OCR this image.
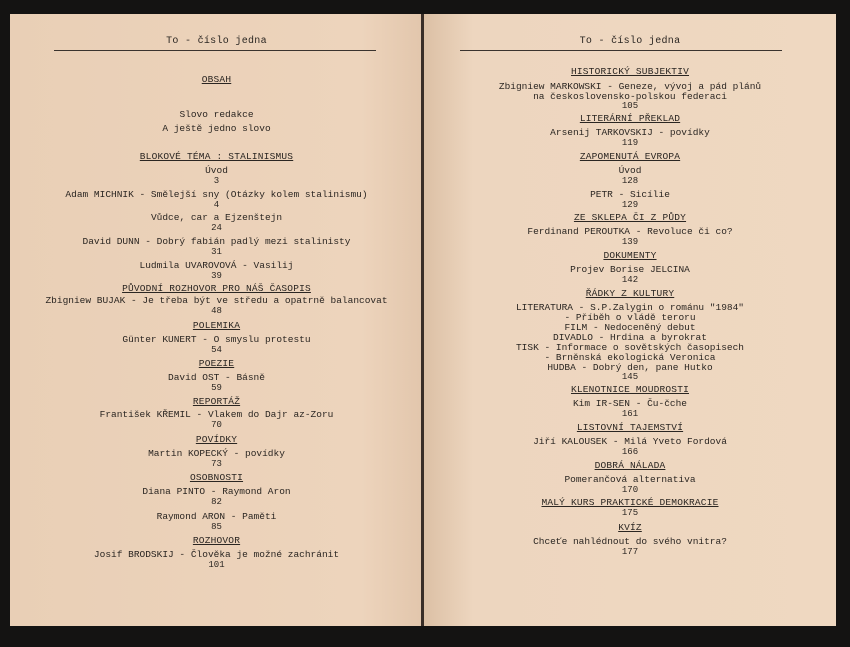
To - číslo jedna
OBSAH
Slovo redakce
A ještě jedno slovo
BLOKOVÉ TÉMA : STALINISMUS
Úvod
3
Adam MICHNIK - Smělejší sny (Otázky kolem stalinismu)
4
Vůdce, car a Ejzenštejn
24
David DUNN - Dobrý fabián padlý mezi stalinisty
31
Ludmila UVAROVOVÁ - Vasilij
39
PŮVODNÍ ROZHOVOR PRO NÁŠ ČASOPIS
Zbigniew BUJAK - Je třeba být ve středu a opatrně balancovat
48
POLEMIKA
Günter KUNERT - O smyslu protestu
54
POEZIE
David OST - Básně
59
REPORTÁŽ
František KŘEMIL - Vlakem do Dajr az-Zoru
70
POVÍDKY
Martin KOPECKÝ - povídky
73
OSOBNOSTI
Diana PINTO - Raymond Aron
82
Raymond ARON - Paměti
85
ROZHOVOR
Josif BRODSKIJ - Člověka je možné zachránit
101
To - číslo jedna
HISTORICKÝ SUBJEKTIV
Zbigniew MARKOWSKI - Geneze, vývoj a pád plánů
na československo-polskou federaci
105
LITERÁRNÍ PŘEKLAD
Arsenij TARKOVSKIJ - povídky
119
ZAPOMENUTÁ EVROPA
Úvod
128
PETR - Sicílie
129
ZE SKLEPA ČI Z PŮDY
Ferdinand PEROUTKA - Revoluce či co?
139
DOKUMENTY
Projev Borise JELCINA
142
ŘÁDKY Z KULTURY
LITERATURA - S.P.Zalygin o románu "1984"
- Příběh o vládě teroru
FILM - Nedoceněný debut
DIVADLO - Hrdina a byrokrat
TISK - Informace o sovětských časopisech
- Brněnská ekologická Veronica
HUDBA - Dobrý den, pane Hutko
145
KLENOTNICE MOUDROSTI
Kim IR-SEN - Ču-čche
161
LISTOVNÍ TAJEMSTVÍ
Jiří KALOUSEK - Milá Yveto Fordová
166
DOBRÁ NÁLADA
Pomerančová alternativa
170
MALÝ KURS PRAKTICKÉ DEMOKRACIE
175
KVÍZ
Chceťe nahlédnout do svého vnitra?
177
